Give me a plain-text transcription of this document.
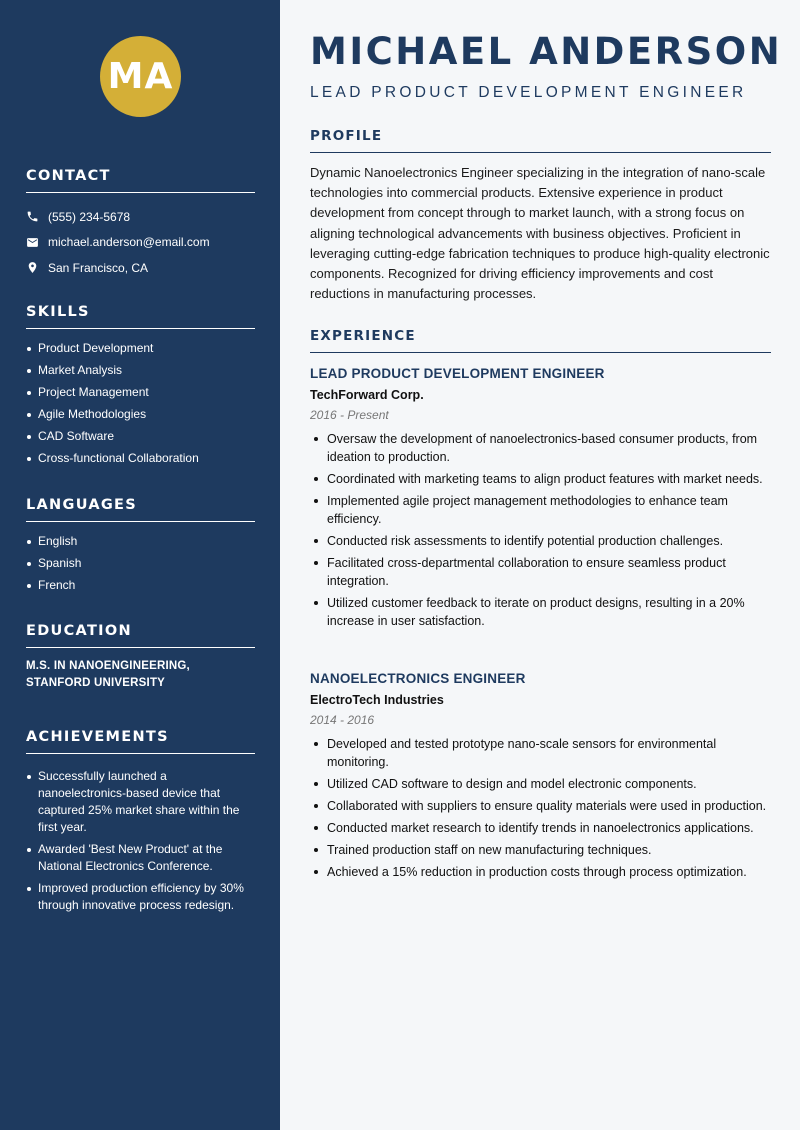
MA
CONTACT
(555) 234-5678
michael.anderson@email.com
San Francisco, CA
SKILLS
Product Development
Market Analysis
Project Management
Agile Methodologies
CAD Software
Cross-functional Collaboration
LANGUAGES
English
Spanish
French
EDUCATION
M.S. IN NANOENGINEERING, STANFORD UNIVERSITY
ACHIEVEMENTS
Successfully launched a nanoelectronics-based device that captured 25% market share within the first year.
Awarded 'Best New Product' at the National Electronics Conference.
Improved production efficiency by 30% through innovative process redesign.
MICHAEL ANDERSON
LEAD PRODUCT DEVELOPMENT ENGINEER
PROFILE

Dynamic Nanoelectronics Engineer specializing in the integration of nano-scale technologies into commercial products. Extensive experience in product development from concept through to market launch, with a strong focus on aligning technological advancements with business objectives. Proficient in leveraging cutting-edge fabrication techniques to produce high-quality electronic components. Recognized for driving efficiency improvements and cost reductions in manufacturing processes.

EXPERIENCE
LEAD PRODUCT DEVELOPMENT ENGINEER
TechForward Corp.
2016 - Present
Oversaw the development of nanoelectronics-based consumer products, from ideation to production.
Coordinated with marketing teams to align product features with market needs.
Implemented agile project management methodologies to enhance team efficiency.
Conducted risk assessments to identify potential production challenges.
Facilitated cross-departmental collaboration to ensure seamless product integration.
Utilized customer feedback to iterate on product designs, resulting in a 20% increase in user satisfaction.
NANOELECTRONICS ENGINEER
ElectroTech Industries
2014 - 2016
Developed and tested prototype nano-scale sensors for environmental monitoring.
Utilized CAD software to design and model electronic components.
Collaborated with suppliers to ensure quality materials were used in production.
Conducted market research to identify trends in nanoelectronics applications.
Trained production staff on new manufacturing techniques.
Achieved a 15% reduction in production costs through process optimization.
